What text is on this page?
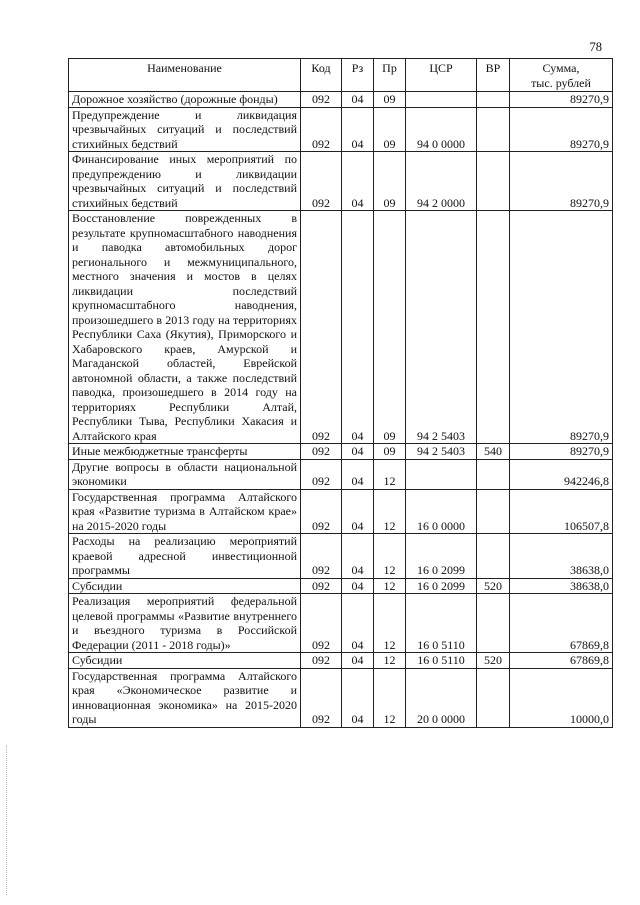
78
Наименование	Код	Рз	Пр	ЦСР	ВР	Сумма,
тыс. рублей

Дорожное хозяйство (дорожные фонды)	092	04	09			89270,9
Предупреждение и ликвидация чрезвычайных ситуаций и последствий стихийных бедствий	092	04	09	94 0 0000		89270,9
Финансирование иных мероприятий по предупреждению и ликвидации чрезвычайных ситуаций и последствий стихийных бедствий	092	04	09	94 2 0000		89270,9
Восстановление поврежденных в результате крупномасштабного наводнения и паводка автомобильных дорог регионального и межмуниципального, местного значения и мостов в целях ликвидации последствий крупномасштабного наводнения, произошедшего в 2013 году на территориях Республики Саха (Якутия), Приморского и Хабаровского краев, Амурской и Магаданской областей, Еврейской автономной области, а также последствий паводка, произошедшего в 2014 году на территориях Республики Алтай, Республики Тыва, Республики Хакасия и Алтайского края	092	04	09	94 2 5403		89270,9
Иные межбюджетные трансферты	092	04	09	94 2 5403	540	89270,9
Другие вопросы в области национальной экономики	092	04	12			942246,8
Государственная программа Алтайского края «Развитие туризма в Алтайском крае» на 2015-2020 годы	092	04	12	16 0 0000		106507,8
Расходы на реализацию мероприятий краевой адресной инвестиционной программы	092	04	12	16 0 2099		38638,0
Субсидии	092	04	12	16 0 2099	520	38638,0
Реализация мероприятий федеральной целевой программы «Развитие внутреннего и въездного туризма в Российской Федерации (2011 - 2018 годы)»	092	04	12	16 0 5110		67869,8
Субсидии	092	04	12	16 0 5110	520	67869,8
Государственная программа Алтайского края «Экономическое развитие и инновационная экономика» на 2015-2020 годы	092	04	12	20 0 0000		10000,0
